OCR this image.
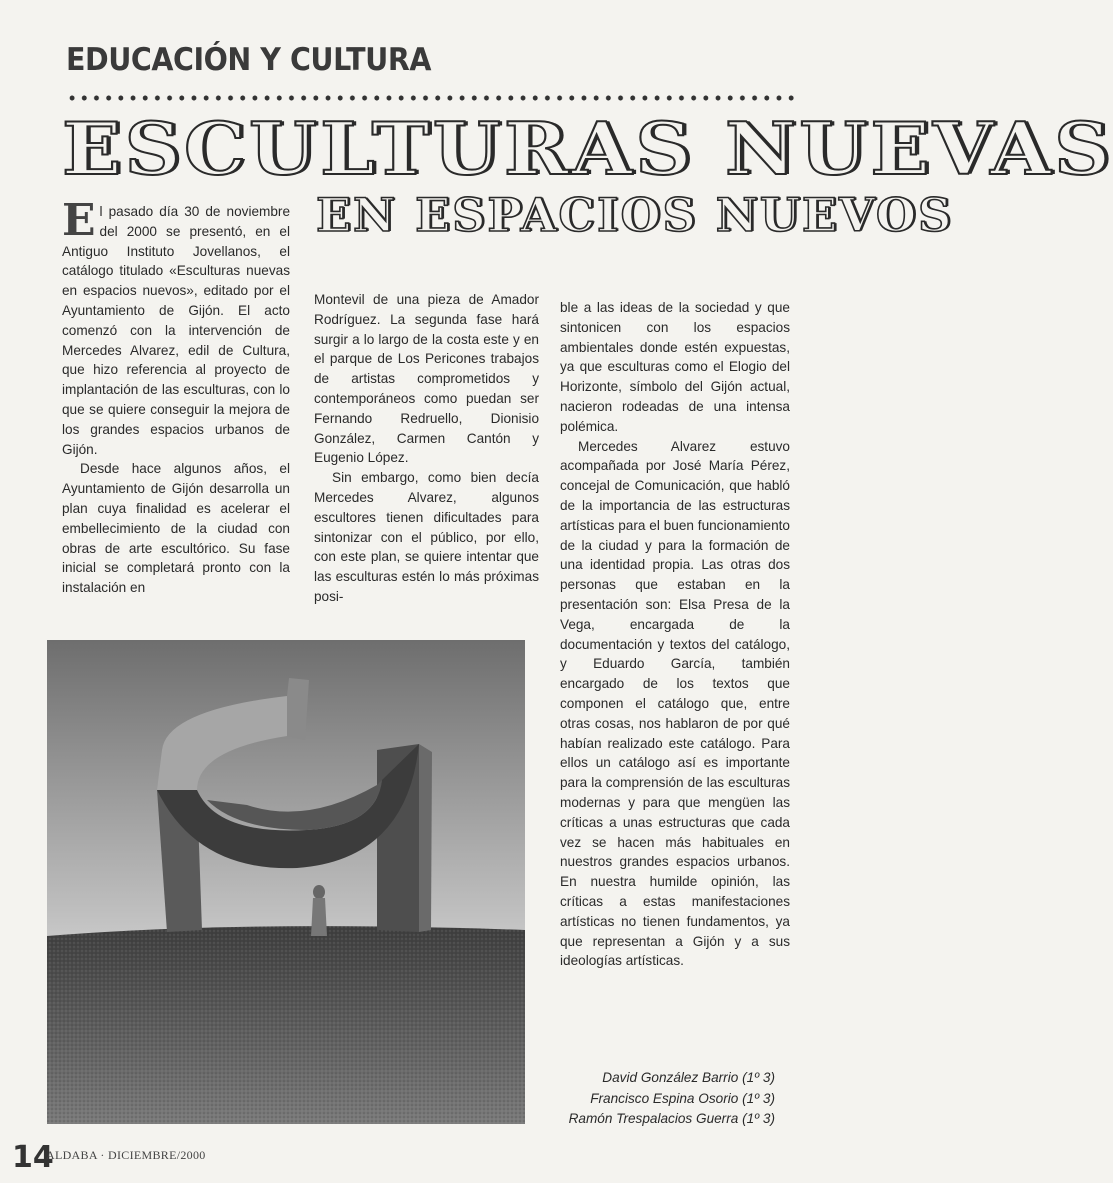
EDUCACIÓN Y CULTURA
ESCULTURAS NUEVAS
EN ESPACIOS NUEVOS

El pasado día 30 de noviembre del 2000 se presentó, en el Antiguo Instituto Jovellanos, el catálogo titulado «Esculturas nuevas en espacios nuevos», editado por el Ayuntamiento de Gijón. El acto comenzó con la intervención de Mercedes Alvarez, edil de Cultura, que hizo referencia al proyecto de implantación de las esculturas, con lo que se quiere conseguir la mejora de los grandes espacios urbanos de Gijón.

Desde hace algunos años, el Ayuntamiento de Gijón desarrolla un plan cuya finalidad es acelerar el embellecimiento de la ciudad con obras de arte escultórico. Su fase inicial se completará pronto con la instalación en

Montevil de una pieza de Amador Rodríguez. La segunda fase hará surgir a lo largo de la costa este y en el parque de Los Pericones trabajos de artistas comprometidos y contemporáneos como puedan ser Fernando Redruello, Dionisio González, Carmen Cantón y Eugenio López.

Sin embargo, como bien decía Mercedes Alvarez, algunos escultores tienen dificultades para sintonizar con el público, por ello, con este plan, se quiere intentar que las esculturas estén lo más próximas posi-

ble a las ideas de la sociedad y que sintonicen con los espacios ambientales donde estén expuestas, ya que esculturas como el Elogio del Horizonte, símbolo del Gijón actual, nacieron rodeadas de una intensa polémica.

Mercedes Alvarez estuvo acompañada por José María Pérez, concejal de Comunicación, que habló de la importancia de las estructuras artísticas para el buen funcionamiento de la ciudad y para la formación de una identidad propia. Las otras dos personas que estaban en la presentación son: Elsa Presa de la Vega, encargada de la documentación y textos del catálogo, y Eduardo García, también encargado de los textos que componen el catálogo que, entre otras cosas, nos hablaron de por qué habían realizado este catálogo. Para ellos un catálogo así es importante para la comprensión de las esculturas modernas y para que mengüen las críticas a unas estructuras que cada vez se hacen más habituales en nuestros grandes espacios urbanos. En nuestra humilde opinión, las críticas a estas manifestaciones artísticas no tienen fundamentos, ya que representan a Gijón y a sus ideologías artísticas.

David González Barrio (1º 3)
Francisco Espina Osorio (1º 3)
Ramón Trespalacios Guerra (1º 3)
14
ALDABA · DICIEMBRE/2000
